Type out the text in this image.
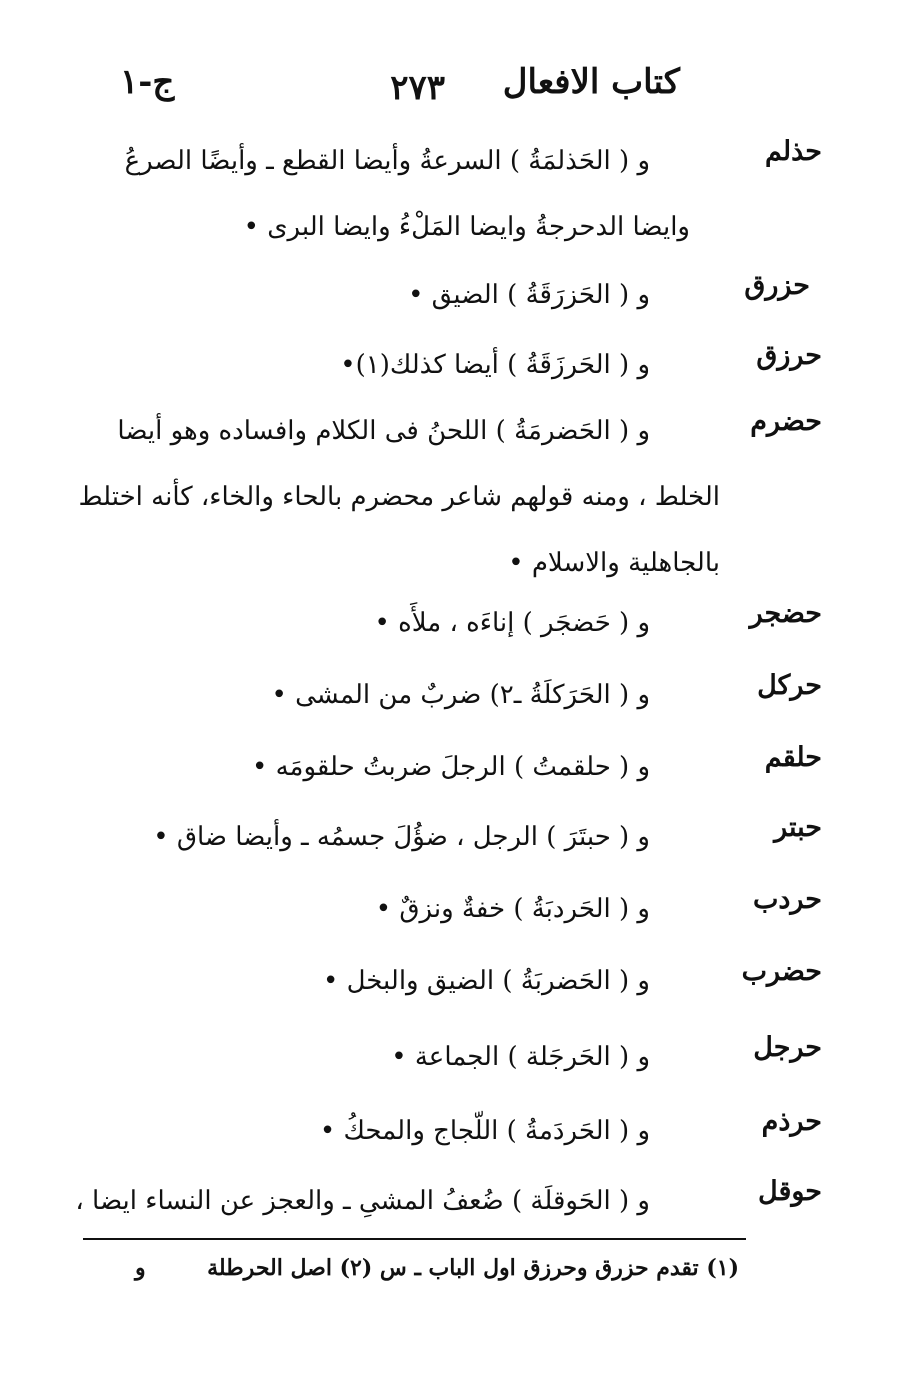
كتاب الافعال
٢٧٣
ج-١
حذلم
و ( الحَذلمَةُ ) السرعةُ وأيضا القطع ـ وأيضًا الصرعُ
وايضا الدحرجةُ وايضا المَلْءُ وايضا البرى •
حزرق
و ( الحَزرَقَةُ ) الضيق •
حرزق
و ( الحَرزَقَةُ ) أيضا كذلك(١)•
حضرم
و ( الحَضرمَةُ ) اللحنُ فى الكلام وافساده وهو أيضا
الخلط ، ومنه قولهم شاعر محضرم بالحاء والخاء، كأنه اختلط
بالجاهلية والاسلام •
حضجر
و ( حَضجَر ) إناءَه ، ملأَه •
حركل
و ( الحَرَكلَةُ ـ٢) ضربٌ من المشى •
حلقم
و ( حلقمتُ ) الرجلَ ضربتُ حلقومَه •
حبتر
و ( حبتَرَ ) الرجل ، ضؤُلَ جسمُه ـ وأيضا ضاق •
حردب
و ( الحَردبَةُ ) خفةٌ ونزقٌ •
حضرب
و ( الحَضربَةُ ) الضيق والبخل •
حرجل
و ( الحَرجَلة ) الجماعة •
حرذم
و ( الحَردَمةُ ) اللّجاج والمحكُ •
حوقل
و ( الحَوقلَة ) ضُعفُ المشىِ ـ والعجز عن النساء ايضا ،
(١) تقدم حزرق وحرزق اول الباب ـ س (٢) اصل الحرطلة
و
